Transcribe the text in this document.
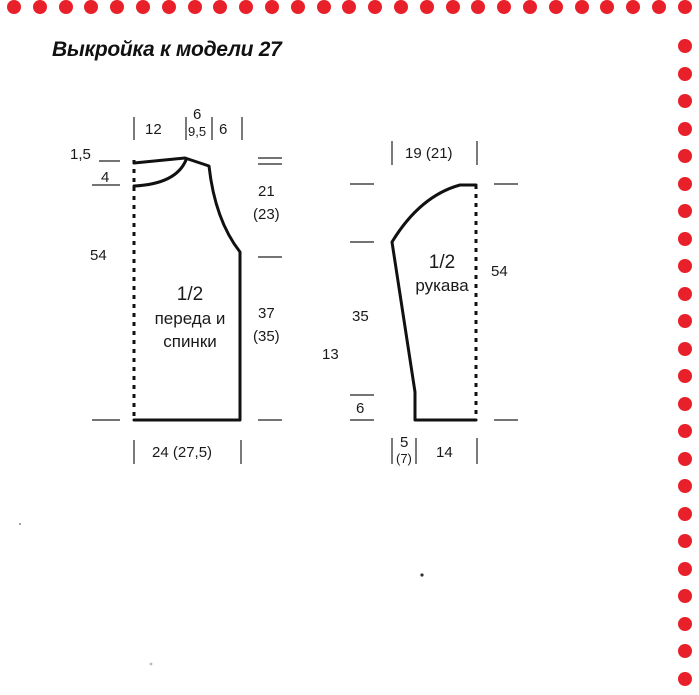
Выкройка к модели 27
12
6
9,5 6
1,5
4
54
21
(23)
37
(35)
24 (27,5)
1/2
переда и
спинки
19 (21)
54
35
13
6
5
(7) 14
1/2
рукава
